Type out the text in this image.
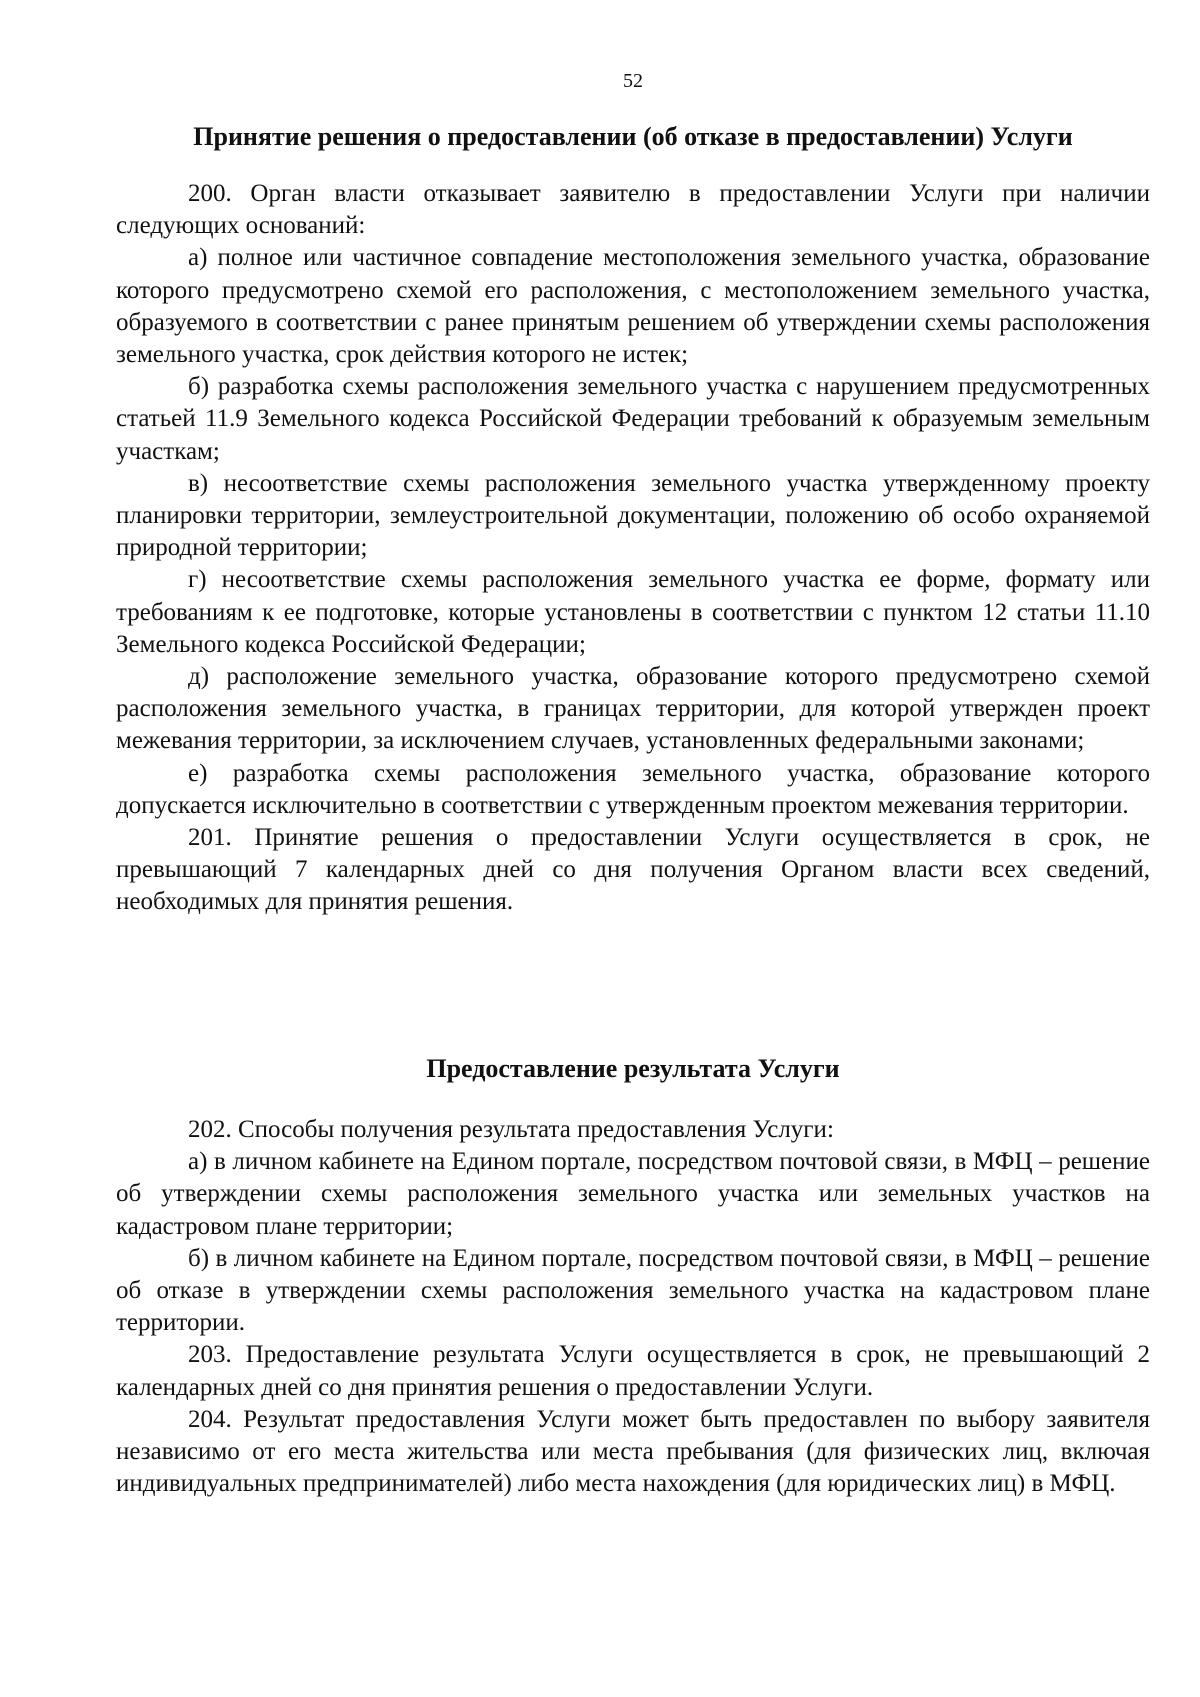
52
Принятие решения о предоставлении (об отказе в предоставлении) Услуги

200. Орган власти отказывает заявителю в предоставлении Услуги при наличии следующих оснований:

а) полное или частичное совпадение местоположения земельного участка, образование которого предусмотрено схемой его расположения, с местоположением земельного участка, образуемого в соответствии с ранее принятым решением об утверждении схемы расположения земельного участка, срок действия которого не истек;

б) разработка схемы расположения земельного участка с нарушением предусмотренных статьей 11.9 Земельного кодекса Российской Федерации требований к образуемым земельным участкам;

в) несоответствие схемы расположения земельного участка утвержденному проекту планировки территории, землеустроительной документации, положению об особо охраняемой природной территории;

г) несоответствие схемы расположения земельного участка ее форме, формату или требованиям к ее подготовке, которые установлены в соответствии с пунктом 12 статьи 11.10 Земельного кодекса Российской Федерации;

д) расположение земельного участка, образование которого предусмотрено схемой расположения земельного участка, в границах территории, для которой утвержден проект межевания территории, за исключением случаев, установленных федеральными законами;

е) разработка схемы расположения земельного участка, образование которого допускается исключительно в соответствии с утвержденным проектом межевания территории.

201. Принятие решения о предоставлении Услуги осуществляется в срок, не превышающий 7 календарных дней со дня получения Органом власти всех сведений, необходимых для принятия решения.

Предоставление результата Услуги

202. Способы получения результата предоставления Услуги:

а) в личном кабинете на Едином портале, посредством почтовой связи, в МФЦ – решение об утверждении схемы расположения земельного участка или земельных участков на кадастровом плане территории;

б) в личном кабинете на Едином портале, посредством почтовой связи, в МФЦ – решение об отказе в утверждении схемы расположения земельного участка на кадастровом плане территории.

203. Предоставление результата Услуги осуществляется в срок, не превышающий 2 календарных дней со дня принятия решения о предоставлении Услуги.

204. Результат предоставления Услуги может быть предоставлен по выбору заявителя независимо от его места жительства или места пребывания (для физических лиц, включая индивидуальных предпринимателей) либо места нахождения (для юридических лиц) в МФЦ.
